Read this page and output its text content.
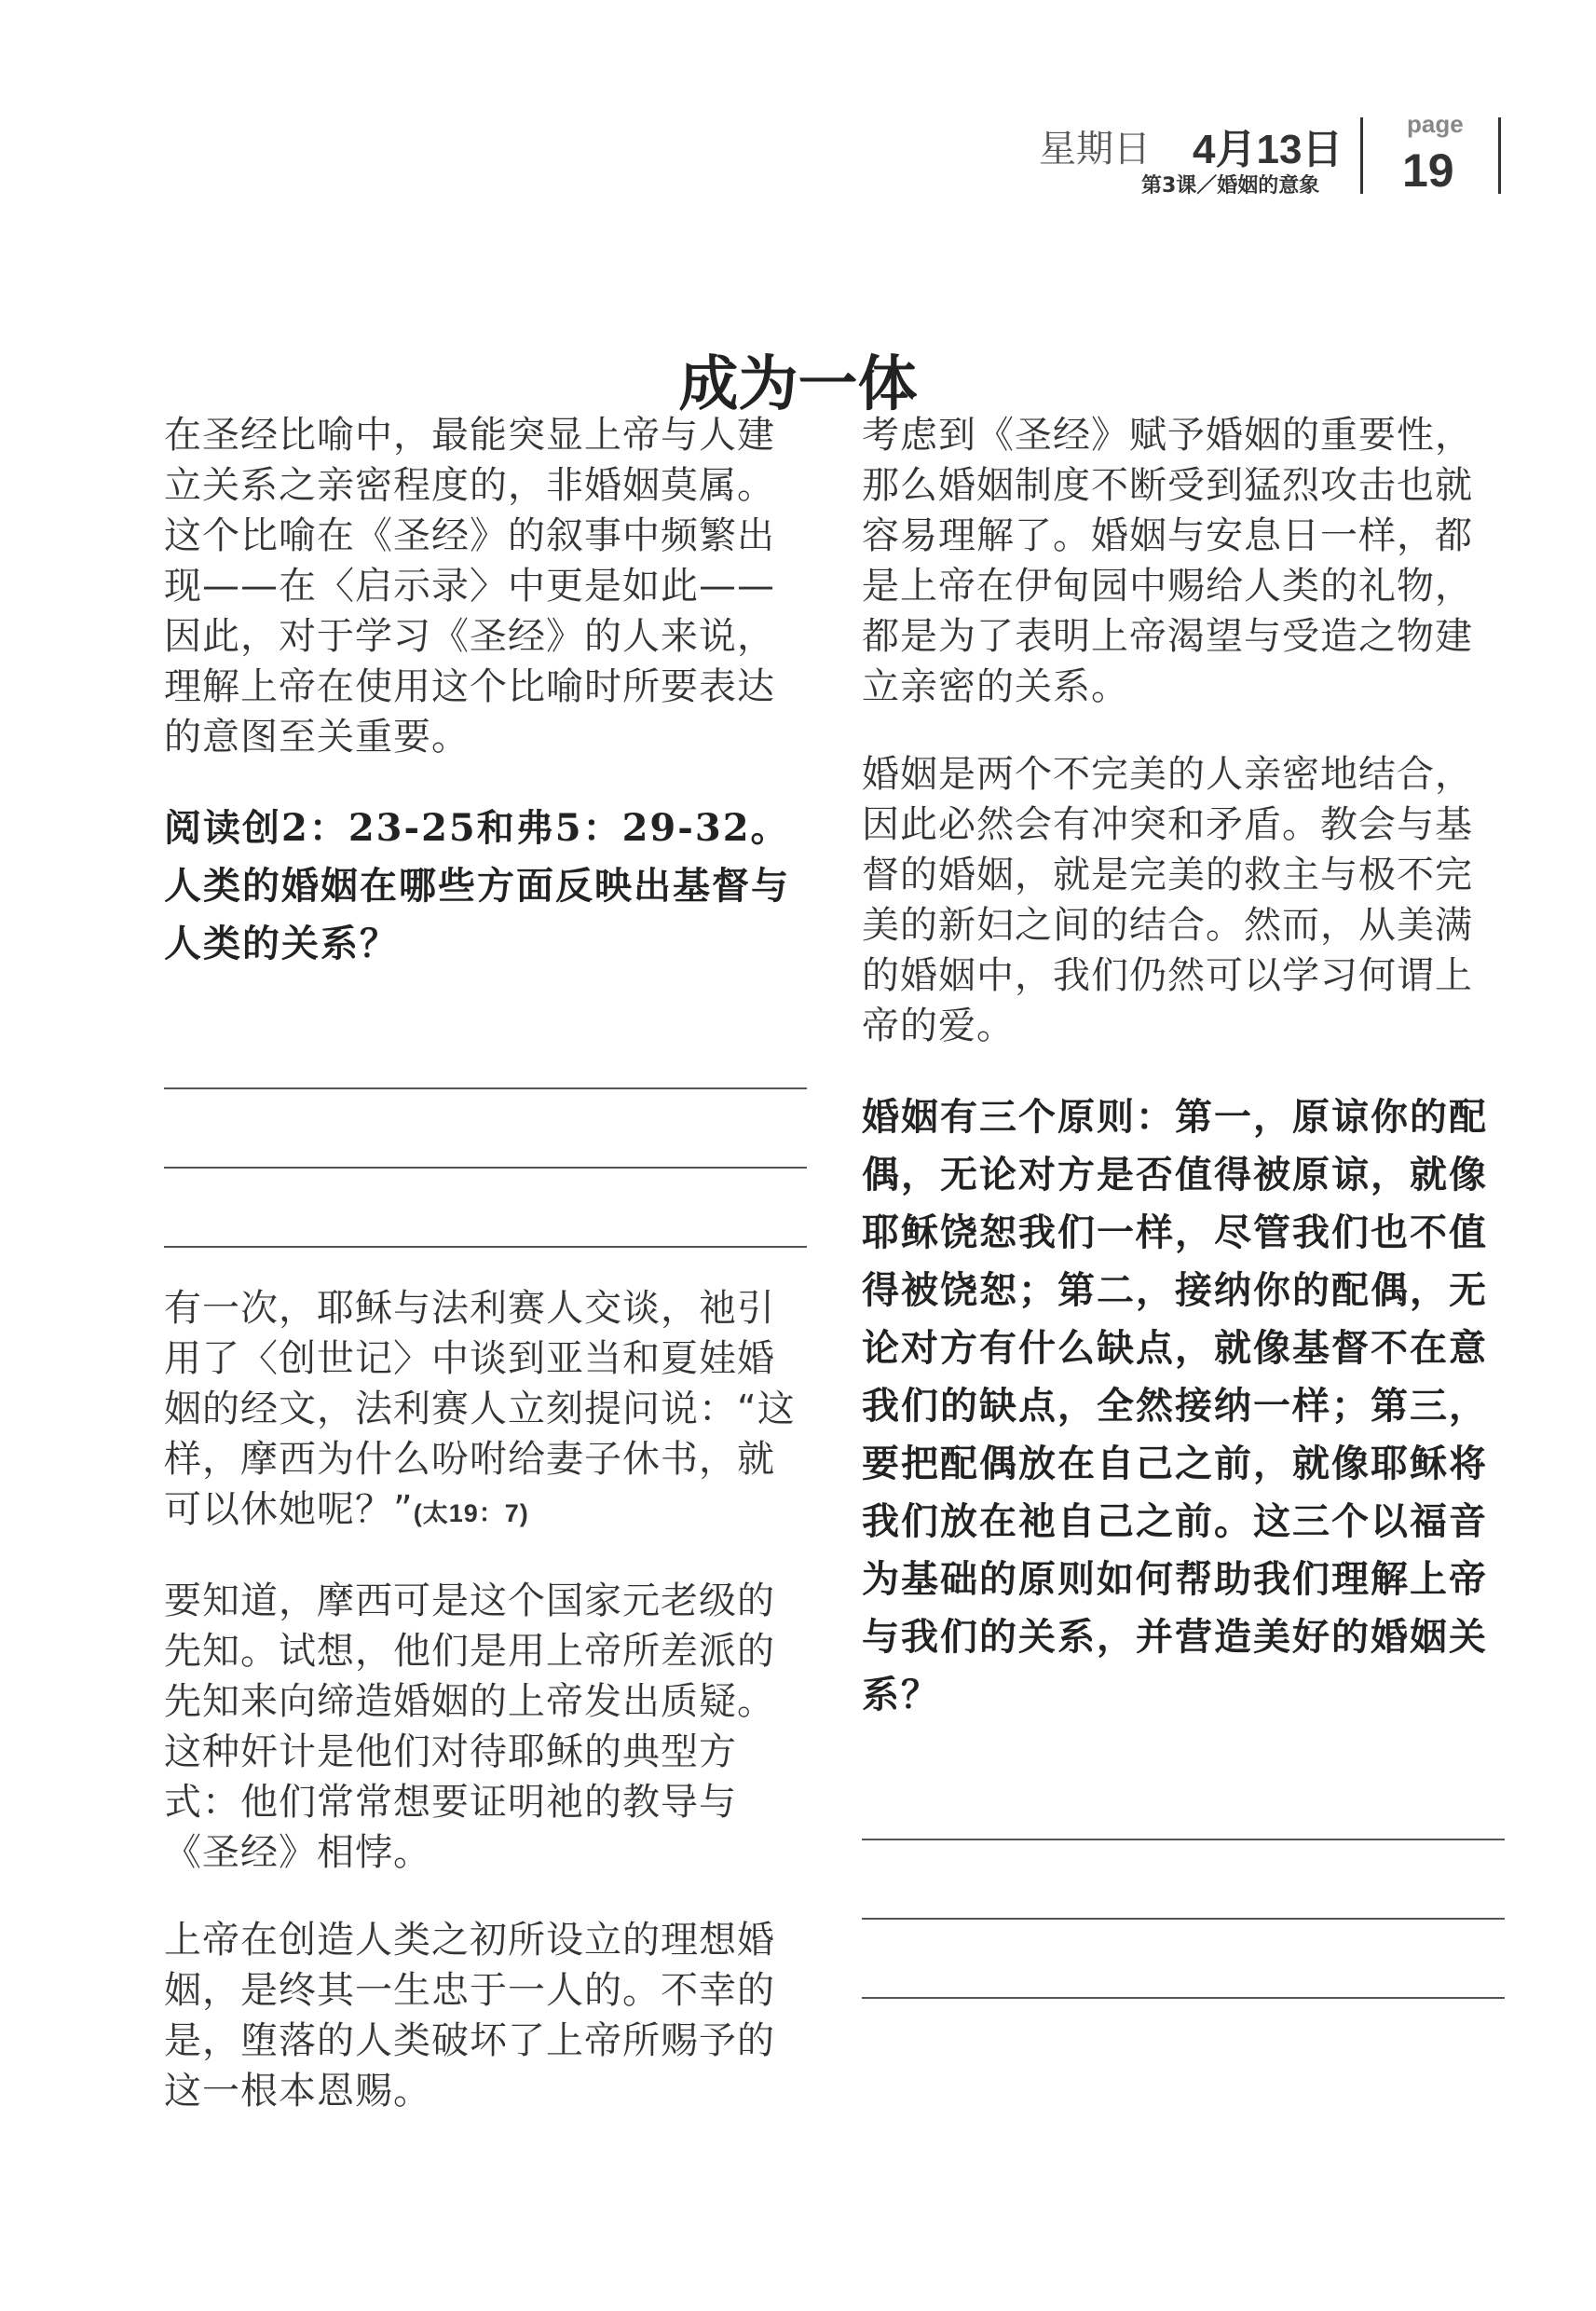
星期日 4月13日
第3课／婚姻的意象
page
19
成为一体

在圣经比喻中，最能突显上帝与人建立关系之亲密程度的，非婚姻莫属。这个比喻在《圣经》的叙事中频繁出现——在〈启示录〉中更是如此——因此，对于学习《圣经》的人来说，理解上帝在使用这个比喻时所要表达的意图至关重要。

阅读创2：23-25和弗5：29-32。人类的婚姻在哪些方面反映出基督与人类的关系？

有一次，耶稣与法利赛人交谈，祂引用了〈创世记〉中谈到亚当和夏娃婚姻的经文，法利赛人立刻提问说：“这样，摩西为什么吩咐给妻子休书，就可以休她呢？”(太19：7)

要知道，摩西可是这个国家元老级的先知。试想，他们是用上帝所差派的先知来向缔造婚姻的上帝发出质疑。这种奸计是他们对待耶稣的典型方式：他们常常想要证明祂的教导与《圣经》相悖。

上帝在创造人类之初所设立的理想婚姻，是终其一生忠于一人的。不幸的是，堕落的人类破坏了上帝所赐予的这一根本恩赐。

考虑到《圣经》赋予婚姻的重要性，那么婚姻制度不断受到猛烈攻击也就容易理解了。婚姻与安息日一样，都是上帝在伊甸园中赐给人类的礼物，都是为了表明上帝渴望与受造之物建立亲密的关系。

婚姻是两个不完美的人亲密地结合，因此必然会有冲突和矛盾。教会与基督的婚姻，就是完美的救主与极不完美的新妇之间的结合。然而，从美满的婚姻中，我们仍然可以学习何谓上帝的爱。

婚姻有三个原则：第一，原谅你的配偶，无论对方是否值得被原谅，就像耶稣饶恕我们一样，尽管我们也不值得被饶恕；第二，接纳你的配偶，无论对方有什么缺点，就像基督不在意我们的缺点，全然接纳一样；第三，要把配偶放在自己之前，就像耶稣将我们放在祂自己之前。这三个以福音为基础的原则如何帮助我们理解上帝与我们的关系，并营造美好的婚姻关系？
